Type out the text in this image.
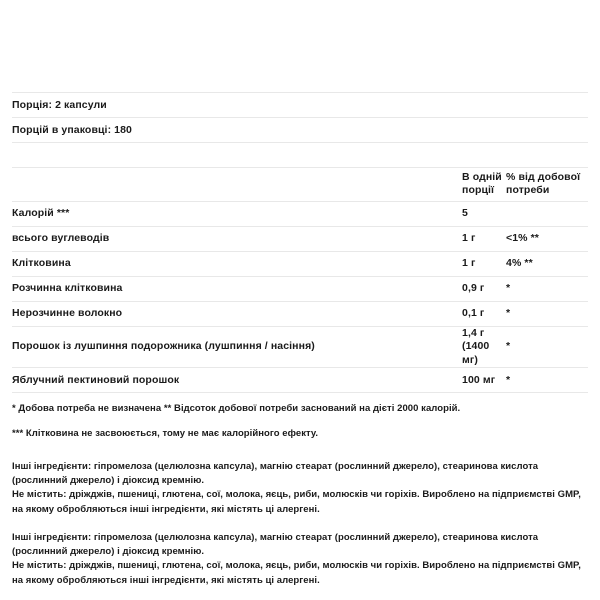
Порція: 2 капсули
Порцій в упаковці: 180
	В одній порції	% від добової потреби
Калорій ***	5	
всього вуглеводів	1 г	<1% **
Клітковина	1 г	4% **
Розчинна клітковина	0,9 г	*
Нерозчинне волокно	0,1 г	*
Порошок із лушпиння подорожника (лушпиння / насіння)	1,4 г (1400 мг)	*
Яблучний пектиновий порошок	100 мг	*

* Добова потреба не визначена ** Відсоток добової потреби заснований на дієті 2000 калорій.

*** Клітковина не засвоюється, тому не має калорійного ефекту.

Інші інгредієнти: гіпромелоза (целюлозна капсула), магнію стеарат (рослинний джерело), стеаринова кислота (рослинний джерело) і діоксид кремнію.

Не містить: дріжджів, пшениці, глютена, сої, молока, яєць, риби, молюсків чи горіхів. Вироблено на підприємстві GMP, на якому обробляються інші інгредієнти, які містять ці алергені.

Інші інгредієнти: гіпромелоза (целюлозна капсула), магнію стеарат (рослинний джерело), стеаринова кислота (рослинний джерело) і діоксид кремнію.

Не містить: дріжджів, пшениці, глютена, сої, молока, яєць, риби, молюсків чи горіхів. Вироблено на підприємстві GMP, на якому обробляються інші інгредієнти, які містять ці алергені.
